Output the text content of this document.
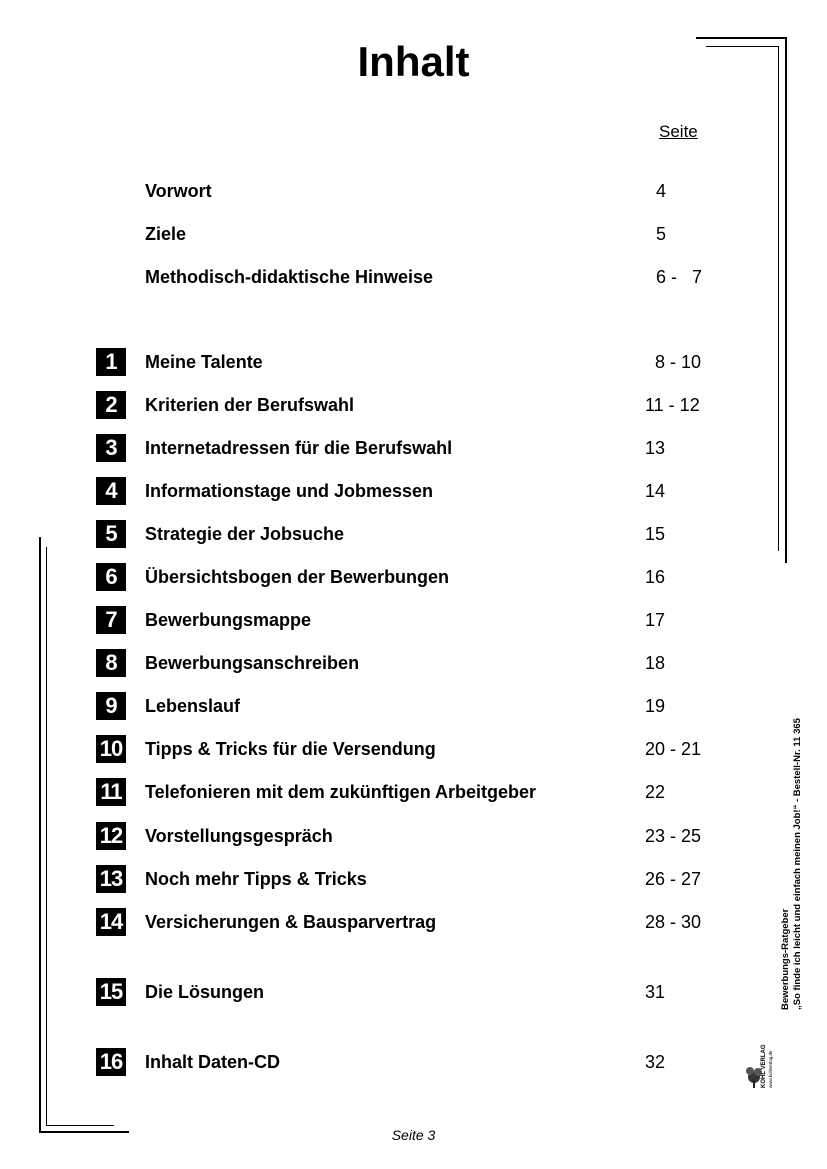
Inhalt
Seite
Vorwort	4
Ziele	5
Methodisch-didaktische Hinweise	6 -   7
1	Meine Talente	8 - 10
2	Kriterien der Berufswahl	11 - 12
3	Internetadressen für die Berufswahl	13
4	Informationstage und Jobmessen	14
5	Strategie der Jobsuche	15
6	Übersichtsbogen der Bewerbungen	16
7	Bewerbungsmappe	17
8	Bewerbungsanschreiben	18
9	Lebenslauf	19
10 Tipps & Tricks für die Versendung	20 - 21
11 Telefonieren mit dem zukünftigen Arbeitgeber	22
12 Vorstellungsgespräch	23 - 25
13 Noch mehr Tipps & Tricks	26 - 27
14 Versicherungen & Bausparvertrag	28 - 30
15 Die Lösungen	31
16 Inhalt Daten-CD	32	KOHL VERLAG www.kohlverlag.de
Bewerbungs-Ratgeber „So finde ich leicht und einfach meinen Job!“ - Bestell-Nr. 11 365
Seite 3
